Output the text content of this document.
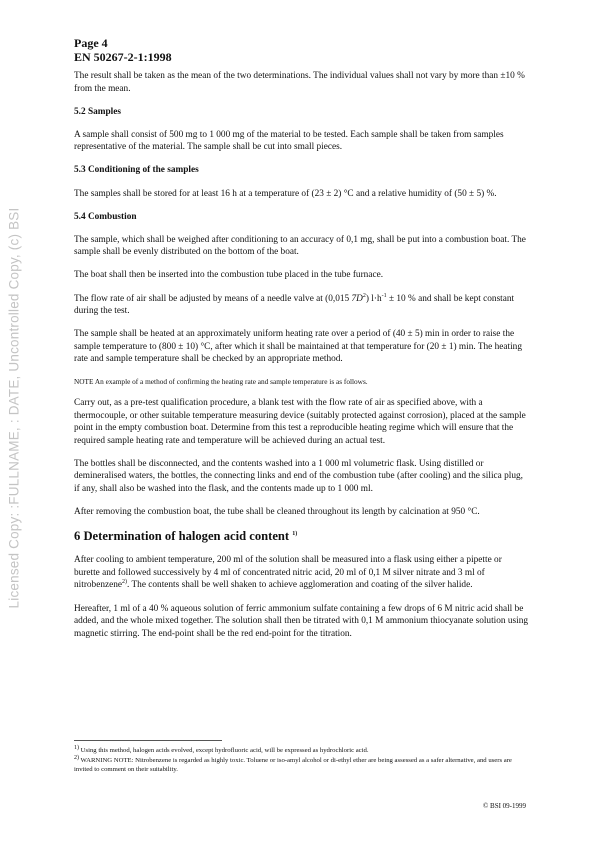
Licensed Copy: :FULLNAME, : DATE, Uncontrolled Copy, (c) BSI
Page 4
EN 50267-2-1:1998

The result shall be taken as the mean of the two determinations. The individual values shall not vary by more than ±10 % from the mean.

5.2 Samples

A sample shall consist of 500 mg to 1 000 mg of the material to be tested. Each sample shall be taken from samples representative of the material. The sample shall be cut into small pieces.

5.3 Conditioning of the samples

The samples shall be stored for at least 16 h at a temperature of (23 ± 2) °C and a relative humidity of (50 ± 5) %.

5.4 Combustion

The sample, which shall be weighed after conditioning to an accuracy of 0,1 mg, shall be put into a combustion boat. The sample shall be evenly distributed on the bottom of the boat.

The boat shall then be inserted into the combustion tube placed in the tube furnace.

The flow rate of air shall be adjusted by means of a needle valve at (0,015 $7D^2$) $l\cdot h^{-1} \pm 10$ % and shall be kept constant during the test.

The sample shall be heated at an approximately uniform heating rate over a period of (40 ± 5) min in order to raise the sample temperature to (800 ± 10) °C, after which it shall be maintained at that temperature for (20 ± 1) min. The heating rate and sample temperature shall be checked by an appropriate method.

NOTE An example of a method of confirming the heating rate and sample temperature is as follows.

Carry out, as a pre-test qualification procedure, a blank test with the flow rate of air as specified above, with a thermocouple, or other suitable temperature measuring device (suitably protected against corrosion), placed at the sample point in the empty combustion boat. Determine from this test a reproducible heating regime which will ensure that the required sample heating rate and temperature will be achieved during an actual test.

The bottles shall be disconnected, and the contents washed into a 1 000 ml volumetric flask. Using distilled or demineralised waters, the bottles, the connecting links and end of the combustion tube (after cooling) and the silica plug, if any, shall also be washed into the flask, and the contents made up to 1 000 ml.

After removing the combustion boat, the tube shall be cleaned throughout its length by calcination at 950 °C.

6 Determination of halogen acid content $^{1)}$

After cooling to ambient temperature, 200 ml of the solution shall be measured into a flask using either a pipette or burette and followed successively by 4 ml of concentrated nitric acid, 20 ml of 0,1 M silver nitrate and 3 ml of nitrobenzene$^{2)}$. The contents shall be well shaken to achieve agglomeration and coating of the silver halide.

Hereafter, 1 ml of a 40 % aqueous solution of ferric ammonium sulfate containing a few drops of 6 M nitric acid shall be added, and the whole mixed together. The solution shall then be titrated with 0,1 M ammonium thiocyanate solution using magnetic stirring. The end-point shall be the red end-point for the titration.

$^{1)}$ Using this method, halogen acids evolved, except hydrofluoric acid, will be expressed as hydrochloric acid.
$^{2)}$ WARNING NOTE: Nitrobenzene is regarded as highly toxic. Toluene or iso-amyl alcohol or di-ethyl ether are being assessed as a safer alternative, and users are invited to comment on their suitability.
© BSI 09-1999
